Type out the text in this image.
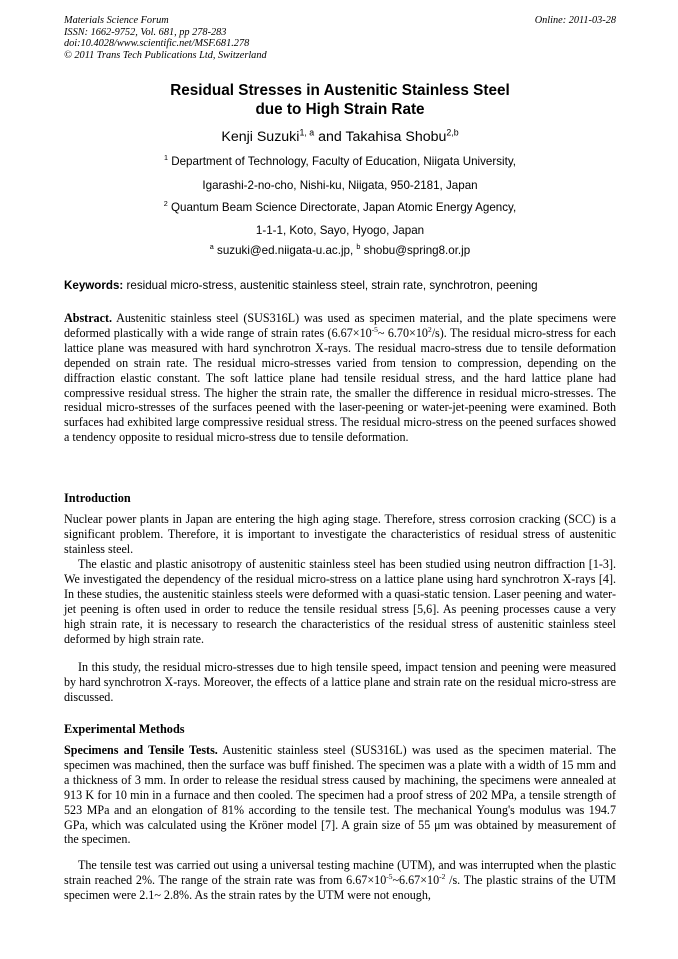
Materials Science Forum
ISSN: 1662-9752, Vol. 681, pp 278-283
doi:10.4028/www.scientific.net/MSF.681.278
© 2011 Trans Tech Publications Ltd, Switzerland
Online: 2011-03-28
Residual Stresses in Austenitic Stainless Steel
due to High Strain Rate
Kenji Suzuki$^{1, a}$ and Takahisa Shobu$^{2,b}$
$^1$ Department of Technology, Faculty of Education, Niigata University,
Igarashi-2-no-cho, Nishi-ku, Niigata, 950-2181, Japan
$^2$ Quantum Beam Science Directorate, Japan Atomic Energy Agency,
1-1-1, Koto, Sayo, Hyogo, Japan
$^a$ suzuki@ed.niigata-u.ac.jp, $^b$ shobu@spring8.or.jp
Keywords: residual micro-stress, austenitic stainless steel, strain rate, synchrotron, peening
Abstract. Austenitic stainless steel (SUS316L) was used as specimen material, and the plate specimens were deformed plastically with a wide range of strain rates ($6.67\times 10^{-5}\sim$ $6.70\times 10^2/s$). The residual micro-stress for each lattice plane was measured with hard synchrotron X-rays. The residual macro-stress due to tensile deformation depended on strain rate. The residual micro-stresses varied from tension to compression, depending on the diffraction elastic constant. The soft lattice plane had tensile residual stress, and the hard lattice plane had compressive residual stress. The higher the strain rate, the smaller the difference in residual micro-stresses. The residual micro-stresses of the surfaces peened with the laser-peening or water-jet-peening were examined. Both surfaces had exhibited large compressive residual stress. The residual micro-stress on the peened surfaces showed a tendency opposite to residual micro-stress due to tensile deformation.
Introduction
Nuclear power plants in Japan are entering the high aging stage. Therefore, stress corrosion cracking (SCC) is a significant problem. Therefore, it is important to investigate the characteristics of residual stress of austenitic stainless steel.
The elastic and plastic anisotropy of austenitic stainless steel has been studied using neutron diffraction [1-3]. We investigated the dependency of the residual micro-stress on a lattice plane using hard synchrotron X-rays [4]. In these studies, the austenitic stainless steels were deformed with a quasi-static tension. Laser peening and water-jet peening is often used in order to reduce the tensile residual stress [5,6]. As peening processes cause a very high strain rate, it is necessary to research the characteristics of the residual stress of austenitic stainless steel deformed by high strain rate.
In this study, the residual micro-stresses due to high tensile speed, impact tension and peening were measured by hard synchrotron X-rays. Moreover, the effects of a lattice plane and strain rate on the residual micro-stress are discussed.
Experimental Methods
Specimens and Tensile Tests. Austenitic stainless steel (SUS316L) was used as the specimen material. The specimen was machined, then the surface was buff finished. The specimen was a plate with a width of 15 mm and a thickness of 3 mm. In order to release the residual stress caused by machining, the specimens were annealed at 913 K for 10 min in a furnace and then cooled. The specimen had a proof stress of 202 MPa, a tensile strength of 523 MPa and an elongation of 81% according to the tensile test. The mechanical Young's modulus was 194.7 GPa, which was calculated using the Kröner model [7]. A grain size of 55 μm was obtained by measurement of the specimen.
The tensile test was carried out using a universal testing machine (UTM), and was interrupted when the plastic strain reached 2%. The range of the strain rate was from $6.67\times 10^{-5}\sim 6.67\times 10^{-2}$ /s. The plastic strains of the UTM specimen were 2.1~ 2.8%. As the strain rates by the UTM were not enough,
